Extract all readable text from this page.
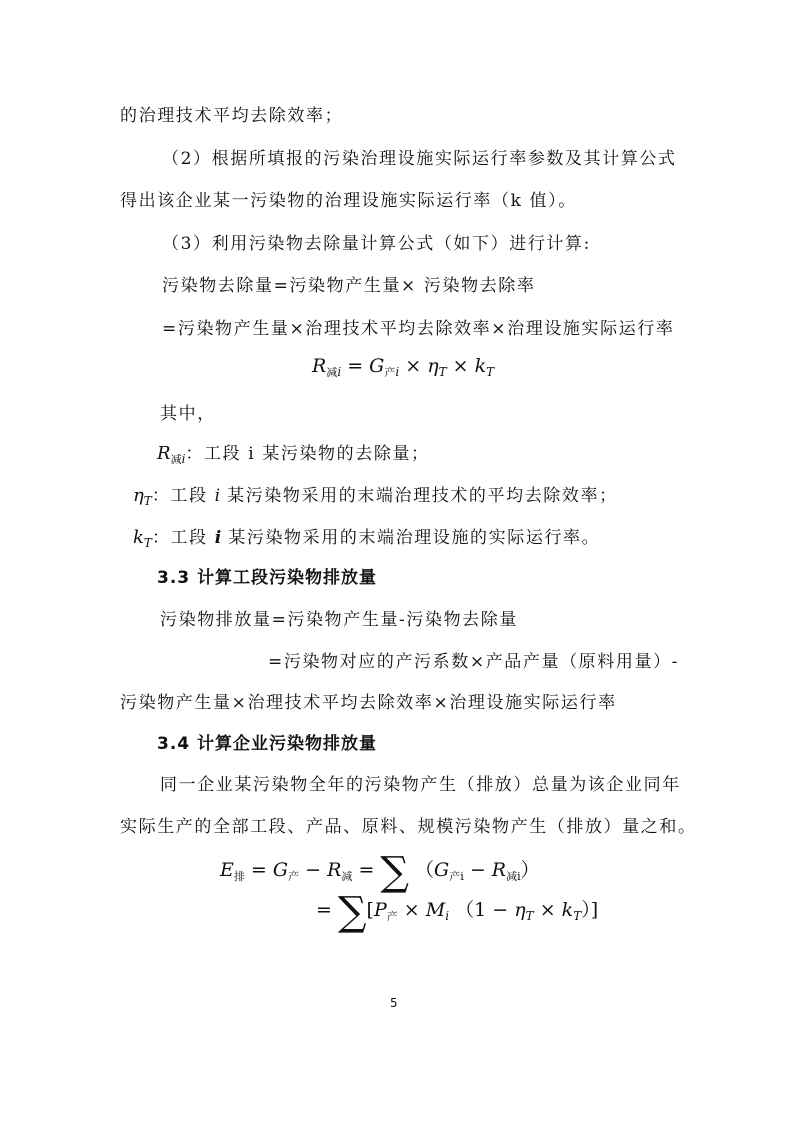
的治理技术平均去除效率；
（2）根据所填报的污染治理设施实际运行率参数及其计算公式
得出该企业某一污染物的治理设施实际运行率（k 值）。
（3）利用污染物去除量计算公式（如下）进行计算:
污染物去除量=污染物产生量× 污染物去除率
=污染物产生量×治理技术平均去除效率×治理设施实际运行率
$R_{减i} = G_{产i} \times \eta_T \times k_T$
其中，
$R_{减i}$：工段 i 某污染物的去除量；
$\eta_T$：工段 i 某污染物采用的末端治理技术的平均去除效率；
$k_T$：工段 i 某污染物采用的末端治理设施的实际运行率。
3.3 计算工段污染物排放量
污染物排放量=污染物产生量-污染物去除量
=污染物对应的产污系数×产品产量（原料用量）-
污染物产生量×治理技术平均去除效率×治理设施实际运行率
3.4 计算企业污染物排放量
同一企业某污染物全年的污染物产生（排放）总量为该企业同年
实际生产的全部工段、产品、原料、规模污染物产生（排放）量之和。
$E_排 = G_产 - R_减$ = ∑ $(G_{产i} - R_{减i})$
= $\sum[P_产 \times M_i$ $(1 - \eta_T \times k_T)$]
5
